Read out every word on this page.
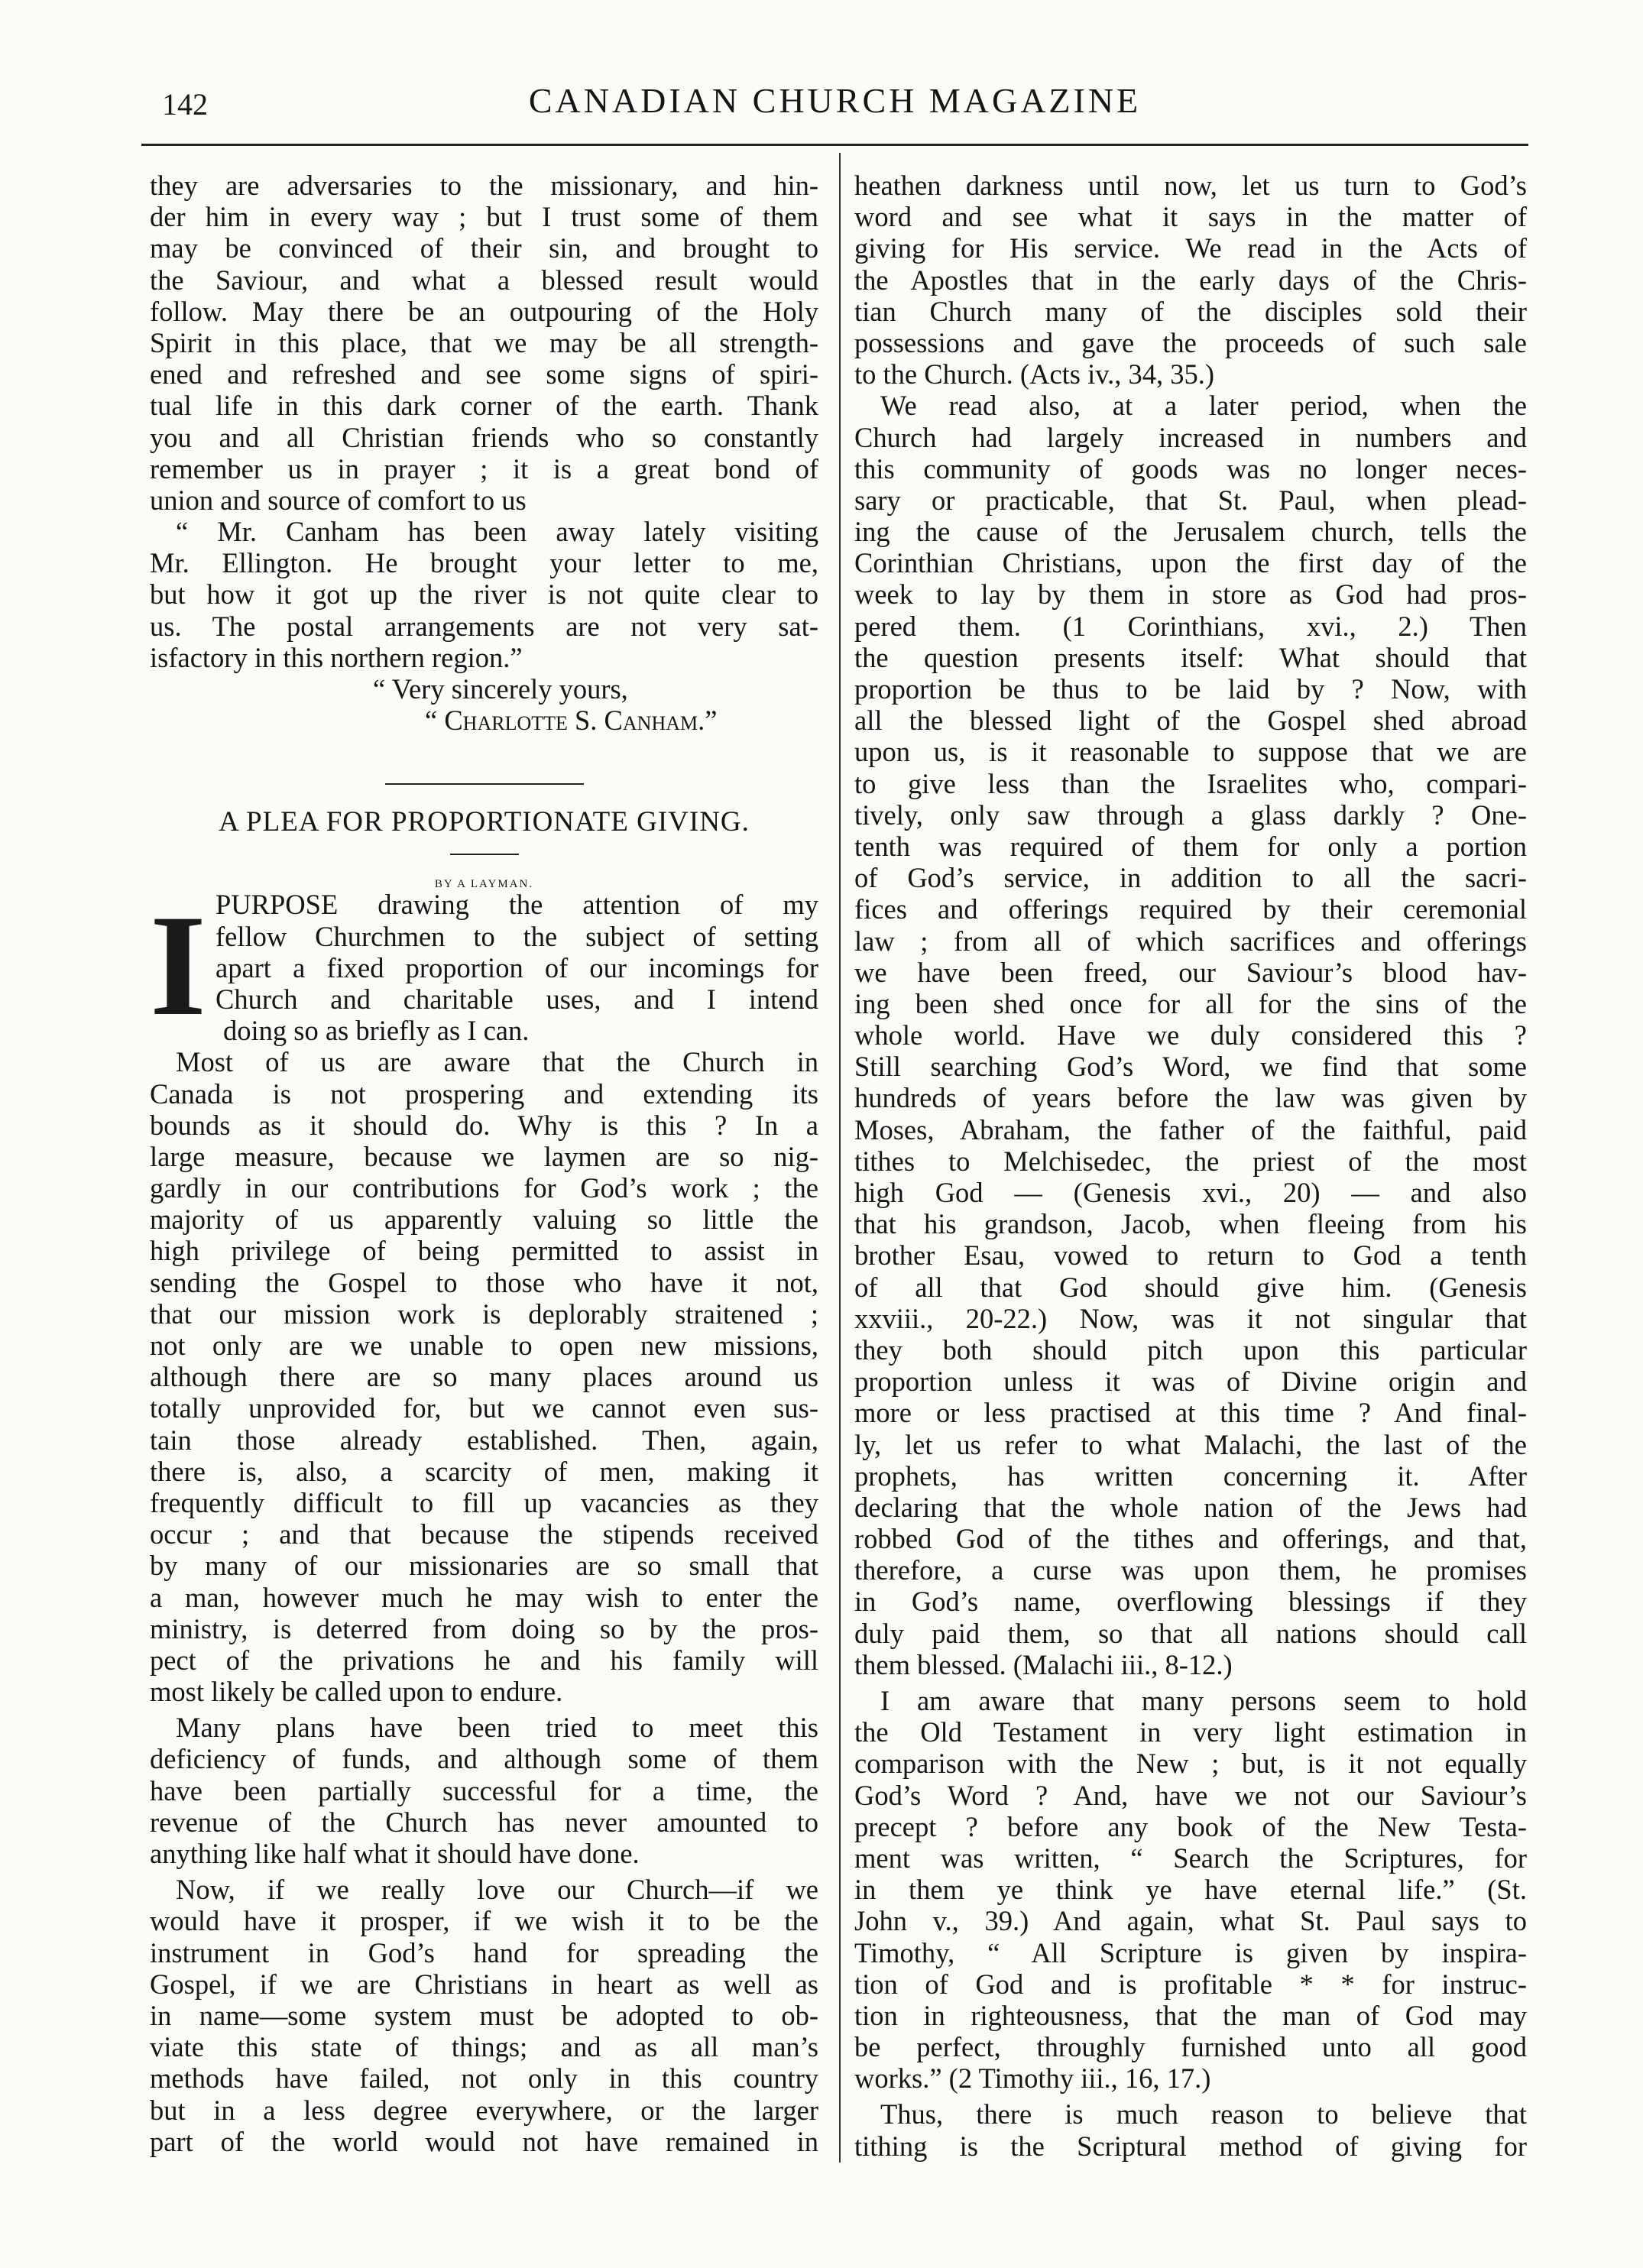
142	CANADIAN CHURCH MAGAZINE
they are adversaries to the missionary, and hin-
der him in every way ; but I trust some of them
may be convinced of their sin, and brought to
the Saviour, and what a blessed result would
follow. May there be an outpouring of the Holy
Spirit in this place, that we may be all strength-
ened and refreshed and see some signs of spiri-
tual life in this dark corner of the earth. Thank
you and all Christian friends who so constantly
remember us in prayer ; it is a great bond of
union and source of comfort to us
“ Mr. Canham has been away lately visiting
Mr. Ellington. He brought your letter to me,
but how it got up the river is not quite clear to
us. The postal arrangements are not very sat-
isfactory in this northern region.”
“ Very sincerely yours,
“ Charlotte S. Canham.”
A PLEA FOR PROPORTIONATE GIVING.
BY A LAYMAN.
I PURPOSE drawing the attention of my
fellow Churchmen to the subject of setting
apart a fixed proportion of our incomings for
Church and charitable uses, and I intend
doing so as briefly as I can.
Most of us are aware that the Church in
Canada is not prospering and extending its
bounds as it should do. Why is this ? In a
large measure, because we laymen are so nig-
gardly in our contributions for God’s work ; the
majority of us apparently valuing so little the
high privilege of being permitted to assist in
sending the Gospel to those who have it not,
that our mission work is deplorably straitened ;
not only are we unable to open new missions,
although there are so many places around us
totally unprovided for, but we cannot even sus-
tain those already established. Then, again,
there is, also, a scarcity of men, making it
frequently difficult to fill up vacancies as they
occur ; and that because the stipends received
by many of our missionaries are so small that
a man, however much he may wish to enter the
ministry, is deterred from doing so by the pros-
pect of the privations he and his family will
most likely be called upon to endure.
Many plans have been tried to meet this
deficiency of funds, and although some of them
have been partially successful for a time, the
revenue of the Church has never amounted to
anything like half what it should have done.
Now, if we really love our Church—if we
would have it prosper, if we wish it to be the
instrument in God’s hand for spreading the
Gospel, if we are Christians in heart as well as
in name—some system must be adopted to ob-
viate this state of things; and as all man’s
methods have failed, not only in this country
but in a less degree everywhere, or the larger
part of the world would not have remained in
heathen darkness until now, let us turn to God’s
word and see what it says in the matter of
giving for His service. We read in the Acts of
the Apostles that in the early days of the Chris-
tian Church many of the disciples sold their
possessions and gave the proceeds of such sale
to the Church. (Acts iv., 34, 35.)
We read also, at a later period, when the
Church had largely increased in numbers and
this community of goods was no longer neces-
sary or practicable, that St. Paul, when plead-
ing the cause of the Jerusalem church, tells the
Corinthian Christians, upon the first day of the
week to lay by them in store as God had pros-
pered them. (1 Corinthians, xvi., 2.) Then
the question presents itself: What should that
proportion be thus to be laid by ? Now, with
all the blessed light of the Gospel shed abroad
upon us, is it reasonable to suppose that we are
to give less than the Israelites who, compari-
tively, only saw through a glass darkly ? One-
tenth was required of them for only a portion
of God’s service, in addition to all the sacri-
fices and offerings required by their ceremonial
law ; from all of which sacrifices and offerings
we have been freed, our Saviour’s blood hav-
ing been shed once for all for the sins of the
whole world. Have we duly considered this ?
Still searching God’s Word, we find that some
hundreds of years before the law was given by
Moses, Abraham, the father of the faithful, paid
tithes to Melchisedec, the priest of the most
high God — (Genesis xvi., 20) — and also
that his grandson, Jacob, when fleeing from his
brother Esau, vowed to return to God a tenth
of all that God should give him. (Genesis
xxviii., 20-22.) Now, was it not singular that
they both should pitch upon this particular
proportion unless it was of Divine origin and
more or less practised at this time ? And final-
ly, let us refer to what Malachi, the last of the
prophets, has written concerning it. After
declaring that the whole nation of the Jews had
robbed God of the tithes and offerings, and that,
therefore, a curse was upon them, he promises
in God’s name, overflowing blessings if they
duly paid them, so that all nations should call
them blessed. (Malachi iii., 8-12.)
I am aware that many persons seem to hold
the Old Testament in very light estimation in
comparison with the New ; but, is it not equally
God’s Word ? And, have we not our Saviour’s
precept ? before any book of the New Testa-
ment was written, “ Search the Scriptures, for
in them ye think ye have eternal life.” (St.
John v., 39.) And again, what St. Paul says to
Timothy, “ All Scripture is given by inspira-
tion of God and is profitable * * for instruc-
tion in righteousness, that the man of God may
be perfect, throughly furnished unto all good
works.” (2 Timothy iii., 16, 17.)
Thus, there is much reason to believe that
tithing is the Scriptural method of giving for
